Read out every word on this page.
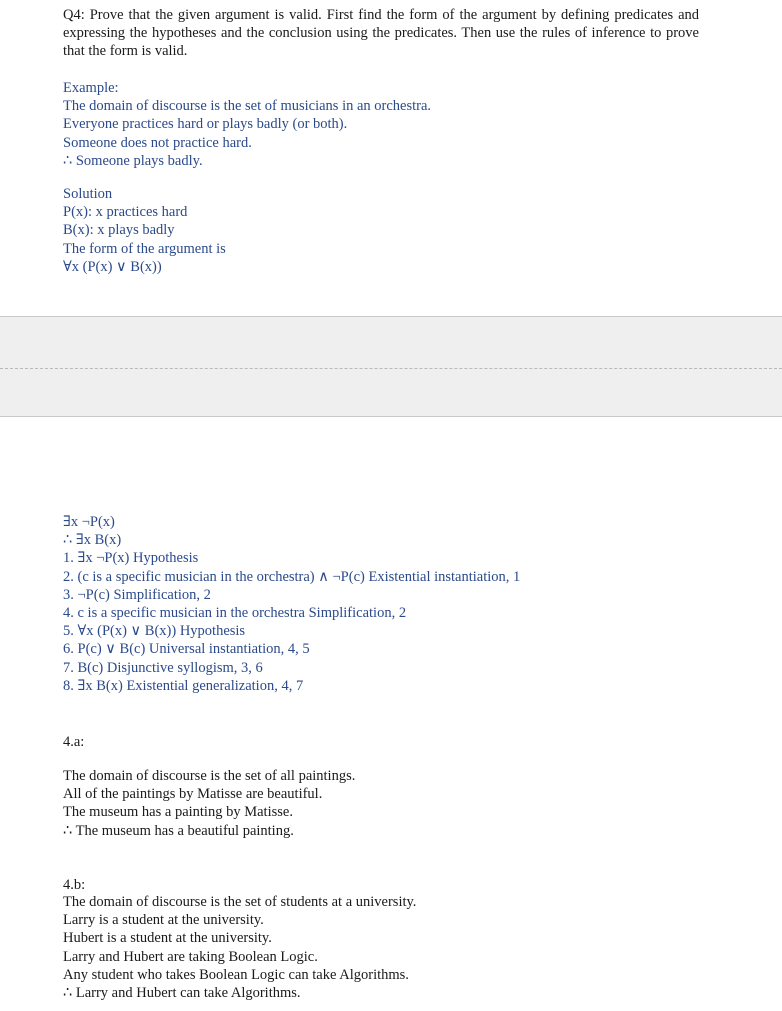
Q4: Prove that the given argument is valid. First find the form of the argument by defining predicates and expressing the hypotheses and the conclusion using the predicates. Then use the rules of inference to prove that the form is valid.

Example:
The domain of discourse is the set of musicians in an orchestra.
Everyone practices hard or plays badly (or both).
Someone does not practice hard.
∴ Someone plays badly.
Solution
P(x): x practices hard
B(x): x plays badly
The form of the argument is
∀x (P(x) ∨ B(x))
∃x ¬P(x)
∴ ∃x B(x)
1. ∃x ¬P(x) Hypothesis
2. (c is a specific musician in the orchestra) ∧ ¬P(c) Existential instantiation, 1
3. ¬P(c) Simplification, 2
4. c is a specific musician in the orchestra Simplification, 2
5. ∀x (P(x) ∨ B(x)) Hypothesis
6. P(c) ∨ B(c) Universal instantiation, 4, 5
7. B(c) Disjunctive syllogism, 3, 6
8. ∃x B(x) Existential generalization, 4, 7
4.a:
The domain of discourse is the set of all paintings.
All of the paintings by Matisse are beautiful.
The museum has a painting by Matisse.
∴ The museum has a beautiful painting.
4.b:
The domain of discourse is the set of students at a university.
Larry is a student at the university.
Hubert is a student at the university.
Larry and Hubert are taking Boolean Logic.
Any student who takes Boolean Logic can take Algorithms.
∴ Larry and Hubert can take Algorithms.
